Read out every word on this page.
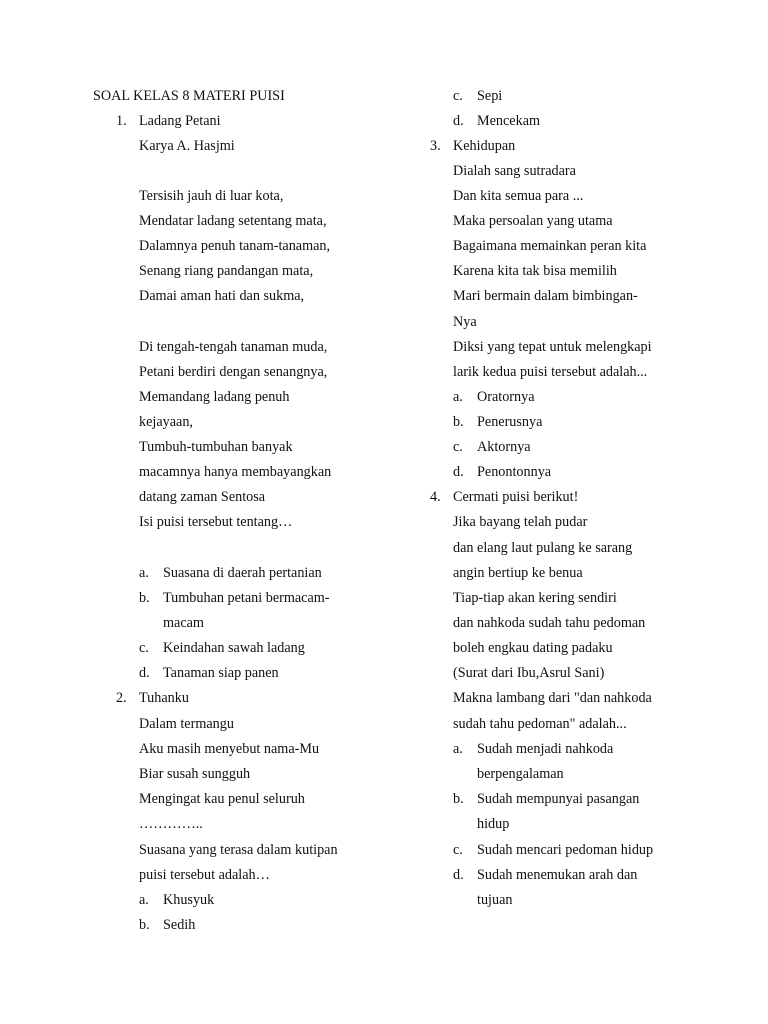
SOAL KELAS 8 MATERI PUISI
1. Ladang Petani
Karya A. Hasjmi
Tersisih jauh di luar kota,
Mendatar ladang setentang mata,
Dalamnya penuh tanam-tanaman,
Senang riang pandangan mata,
Damai aman hati dan sukma,
Di tengah-tengah tanaman muda,
Petani berdiri dengan senangnya,
Memandang ladang penuh
kejayaan,
Tumbuh-tumbuhan banyak
macamnya hanya membayangkan
datang zaman Sentosa
Isi puisi tersebut tentang…
a. Suasana di daerah pertanian
b. Tumbuhan petani bermacam-
macam
c. Keindahan sawah ladang
d. Tanaman siap panen
2. Tuhanku
Dalam termangu
Aku masih menyebut nama-Mu
Biar susah sungguh
Mengingat kau penul seluruh
…………..
Suasana yang terasa dalam kutipan
puisi tersebut adalah…
a. Khusyuk
b. Sedih
c. Sepi
d. Mencekam
3. Kehidupan
Dialah sang sutradara
Dan kita semua para ...
Maka persoalan yang utama
Bagaimana memainkan peran kita
Karena kita tak bisa memilih
Mari bermain dalam bimbingan-
Nya
Diksi yang tepat untuk melengkapi
larik kedua puisi tersebut adalah...
a. Oratornya
b. Penerusnya
c. Aktornya
d. Penontonnya
4. Cermati puisi berikut!
Jika bayang telah pudar
dan elang laut pulang ke sarang
angin bertiup ke benua
Tiap-tiap akan kering sendiri
dan nahkoda sudah tahu pedoman
boleh engkau dating padaku
(Surat dari Ibu,Asrul Sani)
Makna lambang dari "dan nahkoda
sudah tahu pedoman" adalah...
a. Sudah menjadi nahkoda
berpengalaman
b. Sudah mempunyai pasangan
hidup
c. Sudah mencari pedoman hidup
d. Sudah menemukan arah dan
tujuan
